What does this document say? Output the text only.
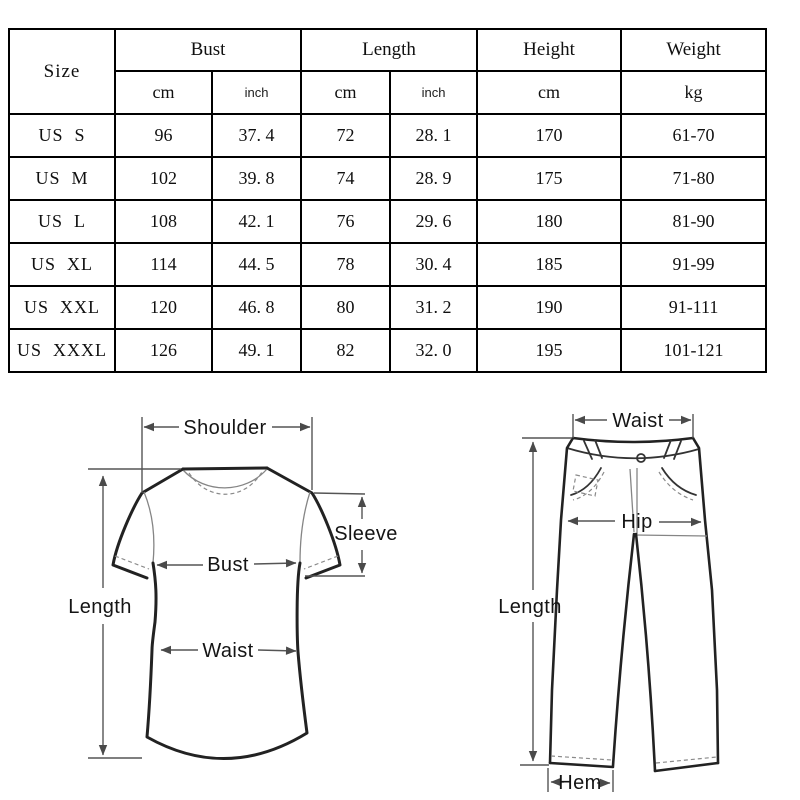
Size	Bust		Length		Height	Weight
	cm	inch	cm	inch	cm	kg
US  S	96	37. 4	72	28. 1	170	61-70
US  M	102	39. 8	74	28. 9	175	71-80
US  L	108	42. 1	76	29. 6	180	81-90
US  XL	114	44. 5	78	30. 4	185	91-99
US  XXL	120	46. 8	80	31. 2	190	91-111
US  XXXL	126	49. 1	82	32. 0	195	101-121
Shoulder
Sleeve
Bust
Waist
Length
Waist
Hip
Length
Hem
